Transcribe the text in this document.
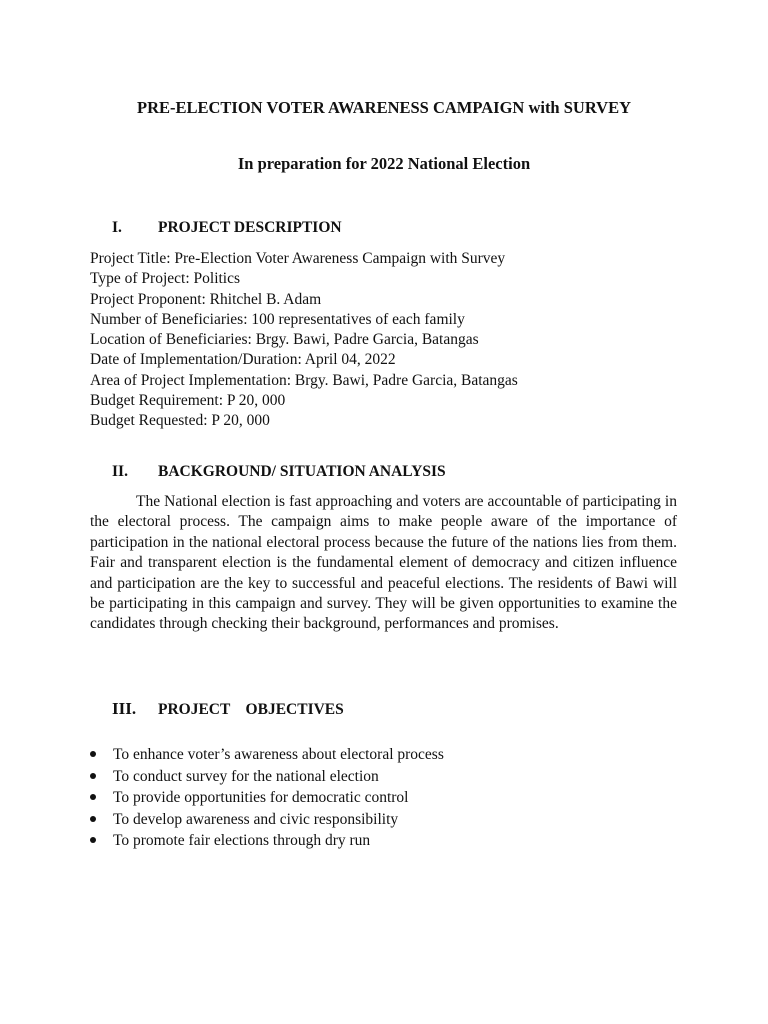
PRE-ELECTION VOTER AWARENESS CAMPAIGN with SURVEY
In preparation for 2022 National Election
I. PROJECT DESCRIPTION
Project Title: Pre-Election Voter Awareness Campaign with Survey
Type of Project: Politics
Project Proponent: Rhitchel B. Adam
Number of Beneficiaries: 100 representatives of each family
Location of Beneficiaries: Brgy. Bawi, Padre Garcia, Batangas
Date of Implementation/Duration: April 04, 2022
Area of Project Implementation: Brgy. Bawi, Padre Garcia, Batangas
Budget Requirement: P 20, 000
Budget Requested: P 20, 000
II. BACKGROUND/ SITUATION ANALYSIS
The National election is fast approaching and voters are accountable of participating in the electoral process. The campaign aims to make people aware of the importance of participation in the national electoral process because the future of the nations lies from them. Fair and transparent election is the fundamental element of democracy and citizen influence and participation are the key to successful and peaceful elections. The residents of Bawi will be participating in this campaign and survey. They will be given opportunities to examine the candidates through checking their background, performances and promises.
III. PROJECT    OBJECTIVES
To enhance voter’s awareness about electoral process
To conduct survey for the national election
To provide opportunities for democratic control
To develop awareness and civic responsibility
To promote fair elections through dry run
